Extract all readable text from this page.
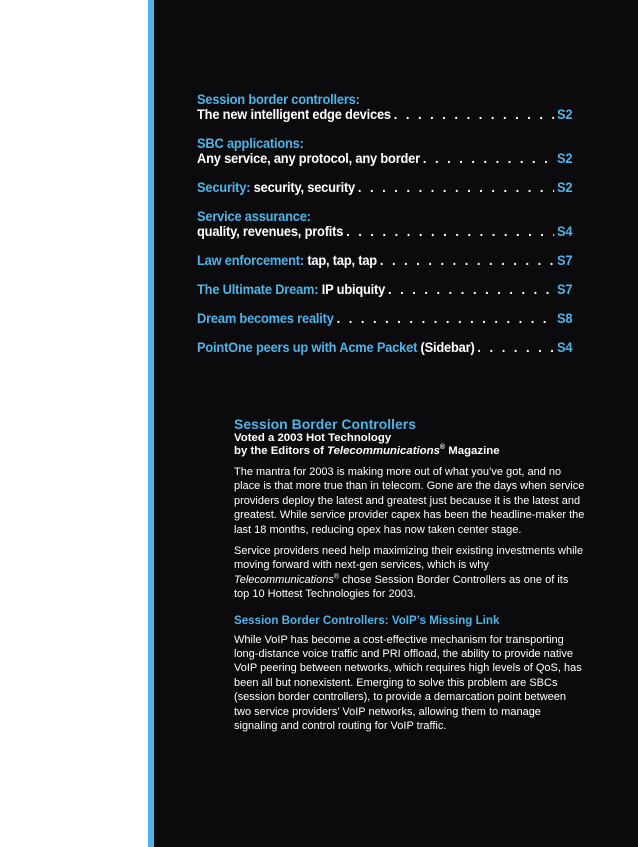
Session border controllers:
The new intelligent edge devices . . .	S2
SBC applications:
Any service, any protocol, any border . . .	S2
Security: security, security . . .	S2
Service assurance:
quality, revenues, profits . . .	S4
Law enforcement: tap, tap, tap . . .	S7
The Ultimate Dream: IP ubiquity . . .	S7
Dream becomes reality . . .	S8
PointOne peers up with Acme Packet (Sidebar) . . .	S4
Session Border Controllers
Voted a 2003 Hot Technology
by the Editors of Telecommunications® Magazine

The mantra for 2003 is making more out of what you’ve got, and no place is that more true than in telecom. Gone are the days when service providers deploy the latest and greatest just because it is the latest and greatest. While service provider capex has been the headline-maker the last 18 months, reducing opex has now taken center stage.

Service providers need help maximizing their existing investments while moving forward with next-gen services, which is why Telecommunications® chose Session Border Controllers as one of its top 10 Hottest Technologies for 2003.

Session Border Controllers: VoIP’s Missing Link

While VoIP has become a cost-effective mechanism for transporting long-distance voice traffic and PRI offload, the ability to provide native VoIP peering between networks, which requires high levels of QoS, has been all but nonexistent. Emerging to solve this problem are SBCs (session border controllers), to provide a demarcation point between two service providers’ VoIP networks, allowing them to manage signaling and control routing for VoIP traffic.
